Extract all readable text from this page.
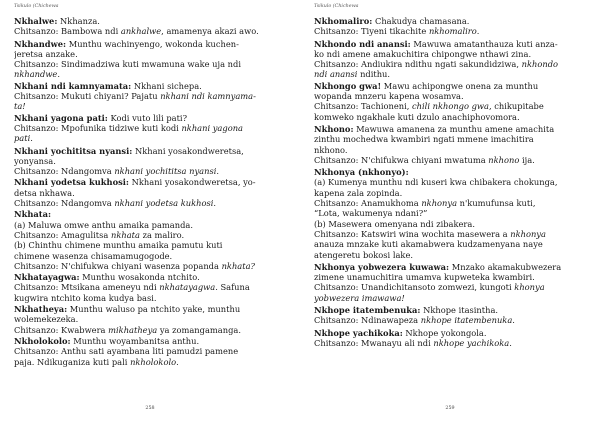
Tsikulo (Chichewa
Nkhalwe: Nkhanza.
Chitsanzo: Bambowa ndi ankhalwe, amamenya akazi awo.
Nkhandwe: Munthu wachinyengo, wokonda kuchen-
jeretsa anzake.
Chitsanzo: Sindimadziwa kuti mwamuna wake uja ndi
nkhandwe.
Nkhani ndi kamnyamata: Nkhani sichepa.
Chitsanzo: Mukuti chiyani? Pajatu nkhani ndi kamnyama-
ta!
Nkhani yagona pati: Kodi vuto lili pati?
Chitsanzo: Mpofunika tidziwe kuti kodi nkhani yagona
pati.
Nkhani yochititsa nyansi: Nkhani yosakondweretsa,
yonyansa.
Chitsanzo: Ndangomva nkhani yochititsa nyansi.
Nkhani yodetsa kukhosi: Nkhani yosakondweretsa, yo-
detsa nkhawa.
Chitsanzo: Ndangomva nkhani yodetsa kukhosi.
Nkhata:
(a) Maluwa omwe anthu amaika pamanda.
Chitsanzo: Amagulitsa nkhata za maliro.
(b) Chinthu chimene munthu amaika pamutu kuti
chimene wasenza chisamamugogode.
Chitsanzo: N'chifukwa chiyani wasenza popanda nkhata?
Nkhatayagwa: Munthu wosakonda ntchito.
Chitsanzo: Mtsikana ameneyu ndi nkhatayagwa. Safuna
kugwira ntchito koma kudya basi.
Nkhatheya: Munthu waluso pa ntchito yake, munthu
wolemekezeka.
Chitsanzo: Kwabwera mikhatheya ya zomangamanga.
Nkholokolo: Munthu woyambanitsa anthu.
Chitsanzo: Anthu sati ayambana liti pamudzi pamene
paja. Ndikuganiza kuti pali nkholokolo.
258
Tsikulo (Chichewa
Nkhomaliro: Chakudya chamasana.
Chitsanzo: Tiyeni tikachite nkhomaliro.
Nkhondo ndi anansi: Mawuwa amatanthauza kuti anza-
ko ndi amene amakuchitira chipongwe nthawi zina.
Chitsanzo: Andiukira ndithu ngati sakundidziwa, nkhondo
ndi anansi ndithu.
Nkhongo gwa! Mawu achipongwe onena za munthu
wopanda mnzeru kapena wosamva.
Chitsanzo: Tachioneni, chili nkhongo gwa, chikupitabe
komweko ngakhale kuti dzulo anachiphovomora.
Nkhono: Mawuwa amanena za munthu amene amachita
zinthu mochedwa kwambiri ngati mmene imachitira
nkhono.
Chitsanzo: N'chifukwa chiyani mwatuma nkhono ija.
Nkhonya (nkhonyo):
(a) Kumenya munthu ndi kuseri kwa chibakera chokunga,
kapena zala zopinda.
Chitsanzo: Anamukhoma nkhonya n'kumufunsa kuti,
“Lota, wakumenya ndani?”
(b) Masewera omenyana ndi zibakera.
Chitsanzo: Katswiri wina wochita masewera a nkhonya
anauza mnzake kuti akamabwera kudzamenyana naye
atengeretu bokosi lake.
Nkhonya yobwezera kuwawa: Mnzako akamakubwezera
zimene unamuchitira umamva kupweteka kwambiri.
Chitsanzo: Unandichitansoto zomwezi, kungoti khonya
yobwezera imawawa!
Nkhope itatembenuka: Nkhope itasintha.
Chitsanzo: Ndinawapeza nkhope itatembenuka.
Nkhope yachikoka: Nkhope yokongola.
Chitsanzo: Mwanayu ali ndi nkhope yachikoka.
259
